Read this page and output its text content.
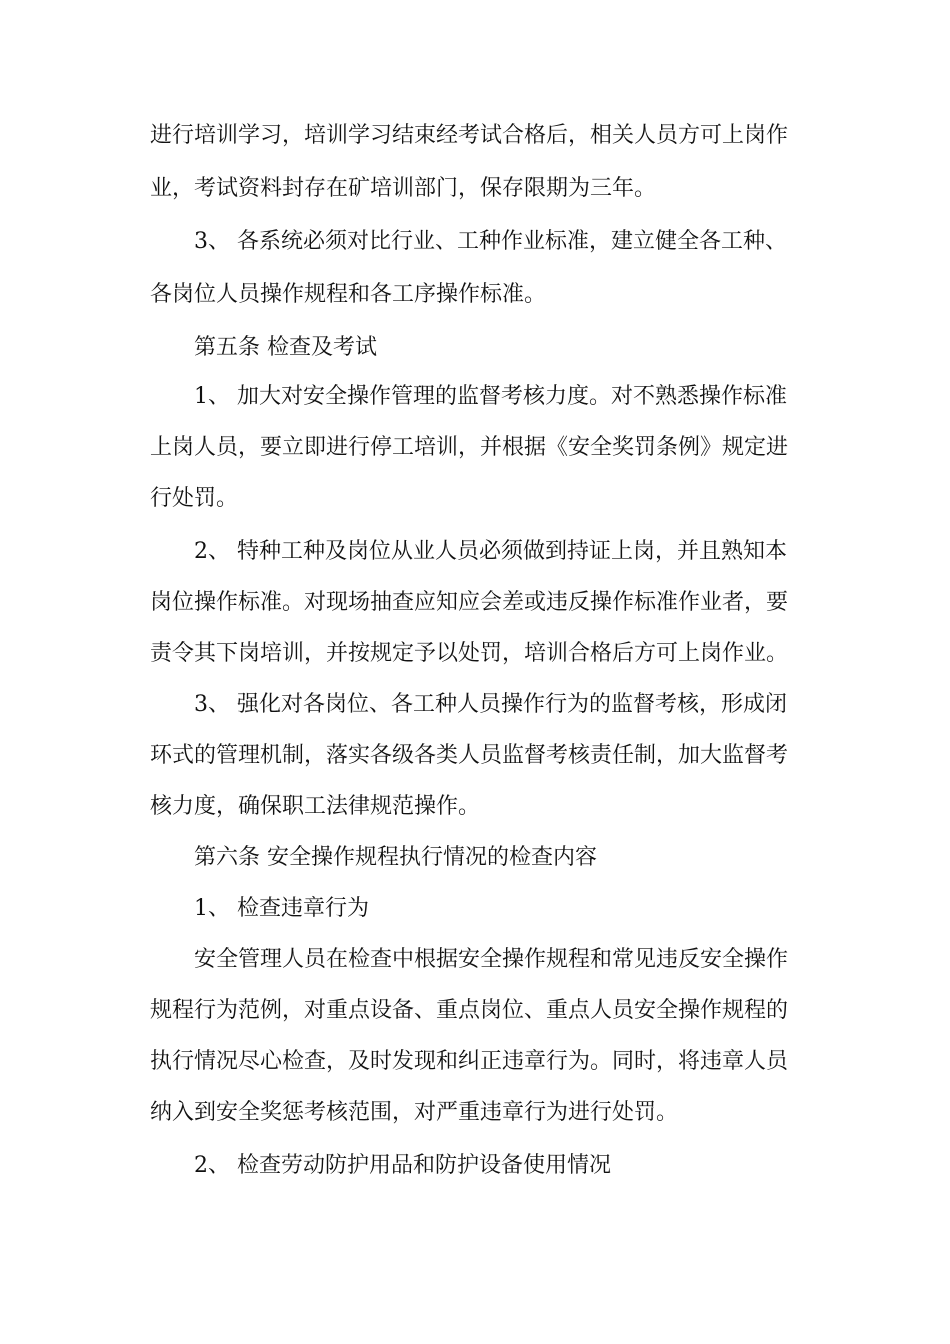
进行培训学习，培训学习结束经考试合格后，相关人员方可上岗作
业，考试资料封存在矿培训部门，保存限期为三年。
3、 各系统必须对比行业、工种作业标准，建立健全各工种、
各岗位人员操作规程和各工序操作标准。
第五条 检查及考试
1、 加大对安全操作管理的监督考核力度。对不熟悉操作标准
上岗人员，要立即进行停工培训，并根据《安全奖罚条例》规定进
行处罚。
2、 特种工种及岗位从业人员必须做到持证上岗，并且熟知本
岗位操作标准。对现场抽查应知应会差或违反操作标准作业者，要
责令其下岗培训，并按规定予以处罚，培训合格后方可上岗作业。
3、 强化对各岗位、各工种人员操作行为的监督考核，形成闭
环式的管理机制，落实各级各类人员监督考核责任制，加大监督考
核力度，确保职工法律规范操作。
第六条 安全操作规程执行情况的检查内容
1、 检查违章行为
安全管理人员在检查中根据安全操作规程和常见违反安全操作
规程行为范例，对重点设备、重点岗位、重点人员安全操作规程的
执行情况尽心检查，及时发现和纠正违章行为。同时，将违章人员
纳入到安全奖惩考核范围，对严重违章行为进行处罚。
2、 检查劳动防护用品和防护设备使用情况
